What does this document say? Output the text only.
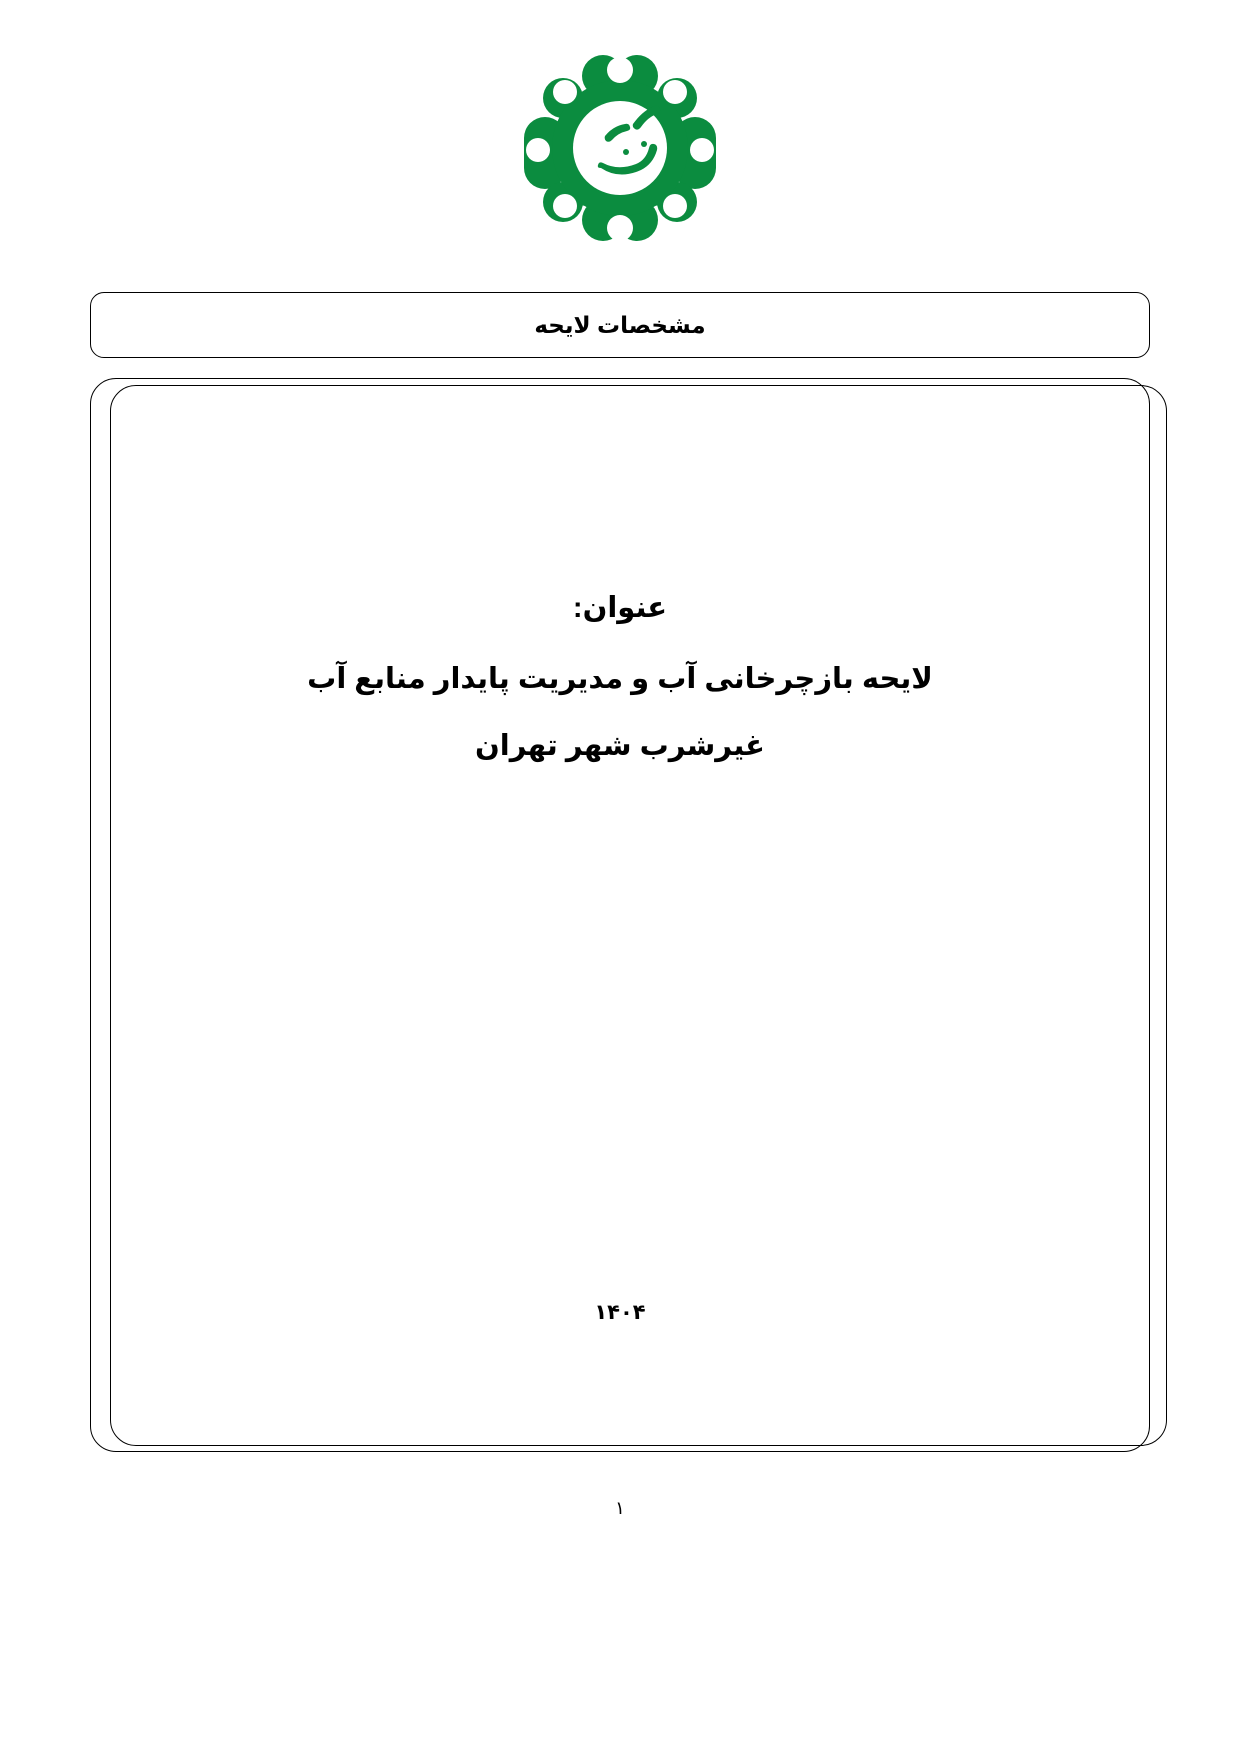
مشخصات لایحه
عنوان:
لایحه بازچرخانی آب و مدیریت پایدار منابع آب
غیرشرب شهر تهران
۱۴۰۴
۱
